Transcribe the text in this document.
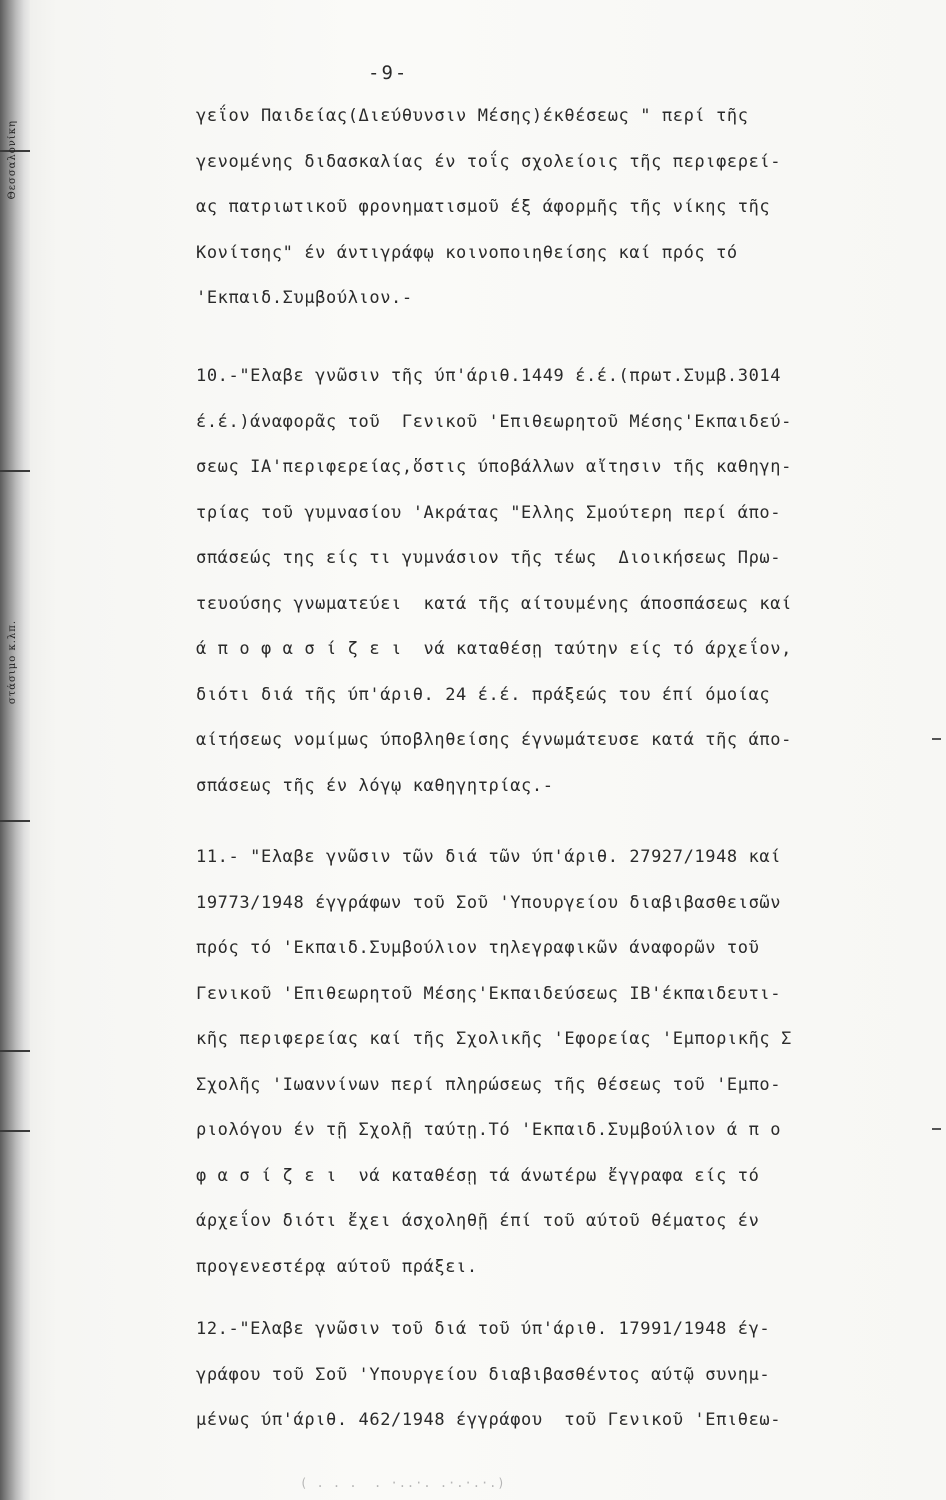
Θεσσαλονίκη
στάσιμο κ.λπ.
-9-
γεΐον Παιδείας(Διεύθυνσιν Μέσης)έκθέσεως " περί τῆς
γενομένης διδασκαλίας έν τοΐς σχολείοις τῆς περιφερεί-
ας πατριωτικοῦ φρονηματισμοῦ έξ άφορμῆς τῆς νίκης τῆς
Κονίτσης" έν άντιγράφῳ κοινοποιηθείσης καί πρός τό
'Εκπαιδ.Συμβούλιον.-
10.-"Ελαβε γνῶσιν τῆς ύπ'άριθ.1449 έ.έ.(πρωτ.Συμβ.3014
έ.έ.)άναφορᾶς τοῦ  Γενικοῦ 'Επιθεωρητοῦ Μέσης'Εκπαιδεύ-
σεως ΙΑ'περιφερείας,ὅστις ύποβάλλων αἴτησιν τῆς καθηγη-
τρίας τοῦ γυμνασίου 'Ακράτας "Ελλης Σμούτερη περί άπο-
σπάσεώς της είς τι γυμνάσιον τῆς τέως  Διοικήσεως Πρω-
τευούσης γνωματεύει  κατά τῆς αίτουμένης άποσπάσεως καί
ά π ο φ α σ ί ζ ε ι  νά καταθέσῃ ταύτην είς τό άρχεΐον,
διότι διά τῆς ύπ'άριθ. 24 έ.έ. πράξεώς του έπί όμοίας
αίτήσεως νομίμως ύποβληθείσης έγνωμάτευσε κατά τῆς άπο-
σπάσεως τῆς έν λόγῳ καθηγητρίας.-
11.- "Ελαβε γνῶσιν τῶν διά τῶν ύπ'άριθ. 27927/1948 καί
19773/1948 έγγράφων τοῦ Σοῦ 'Υπουργείου διαβιβασθεισῶν
πρός τό 'Εκπαιδ.Συμβούλιον τηλεγραφικῶν άναφορῶν τοῦ
Γενικοῦ 'Επιθεωρητοῦ Μέσης'Εκπαιδεύσεως ΙΒ'έκπαιδευτι-
κῆς περιφερείας καί τῆς Σχολικῆς 'Εφορείας 'Εμπορικῆς Σ
Σχολῆς 'Ιωαννίνων περί πληρώσεως τῆς θέσεως τοῦ 'Εμπο-
ριολόγου έν τῇ Σχολῇ ταύτῃ.Τό 'Εκπαιδ.Συμβούλιον ά π ο
φ α σ ί ζ ε ι  νά καταθέσῃ τά άνωτέρω ἔγγραφα είς τό
άρχεΐον διότι ἔχει άσχοληθῇ έπί τοῦ αύτοῦ θέματος έν
προγενεστέρᾳ αύτοῦ πράξει.
12.-"Ελαβε γνῶσιν τοῦ διά τοῦ ύπ'άριθ. 17991/1948 έγ-
γράφου τοῦ Σοῦ 'Υπουργείου διαβιβασθέντος αύτῷ συνημ-
μένως ύπ'άριθ. 462/1948 έγγράφου  τοῦ Γενικοῦ 'Επιθεω-
( . . .  . ·..·. .·.·.·.)
